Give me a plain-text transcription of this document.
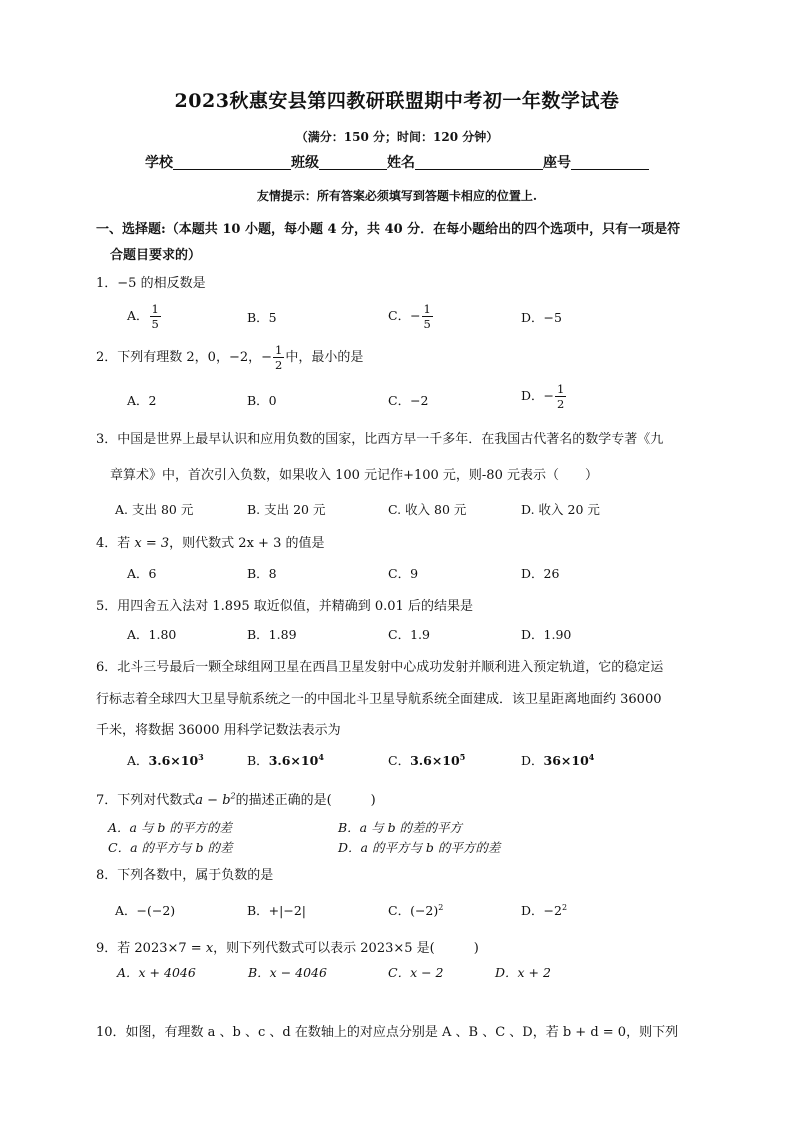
2023秋惠安县第四教研联盟期中考初一年数学试卷
（满分：150 分；时间：120 分钟）
学校	班级	姓名	座号
友情提示：所有答案必须填写到答题卡相应的位置上.
一、选择题:（本题共 10 小题，每小题 4 分，共 40 分．在每小题给出的四个选项中，只有一项是符
合题目要求的）
1．−5 的相反数是
A． $\frac{1}{5}$	B．5	C．− $\frac{1}{5}$	D．−5
2．下列有理数 2，0，−2，− $\frac{1}{2}$ 中，最小的是
A．2	B．0	C．−2	D．− $\frac{1}{2}$
3．中国是世界上最早认识和应用负数的国家，比西方早一千多年．在我国古代著名的数学专著《九
章算术》中，首次引入负数，如果收入 100 元记作+100 元，则-80 元表示（　　）
A. 支出 80 元	B. 支出 20 元	C. 收入 80 元	D. 收入 20 元
4．若 x = 3，则代数式 2x + 3 的值是
A．6	B．8	C．9	D．26
5．用四舍五入法对 1.895 取近似值，并精确到 0.01 后的结果是
A．1.80	B．1.89	C．1.9	D．1.90
6．北斗三号最后一颗全球组网卫星在西昌卫星发射中心成功发射并顺利进入预定轨道，它的稳定运
行标志着全球四大卫星导航系统之一的中国北斗卫星导航系统全面建成．该卫星距离地面约 36000
千米，将数据 36000 用科学记数法表示为
A．$3.6\times 10^3$	B．$3.6\times 10^4$	C．$3.6\times 10^5$	D．$36\times 10^4$
7．下列对代数式$a - b^2$的描述正确的是(　　　)
A．a 与 b 的平方的差	B．a 与 b 的差的平方
C．a 的平方与 b 的差	D．a 的平方与 b 的平方的差
8．下列各数中，属于负数的是
A．−(−2)	B．+|−2|	C．$(-2)^2$	D．$-2^2$
9．若 2023×7 = x，则下列代数式可以表示 2023×5 是(　　　)
A．x + 4046	B．x − 4046	C．x − 2	D．x + 2
10．如图，有理数 a 、b 、c 、d 在数轴上的对应点分别是 A 、B 、C 、D，若 b + d = 0，则下列
